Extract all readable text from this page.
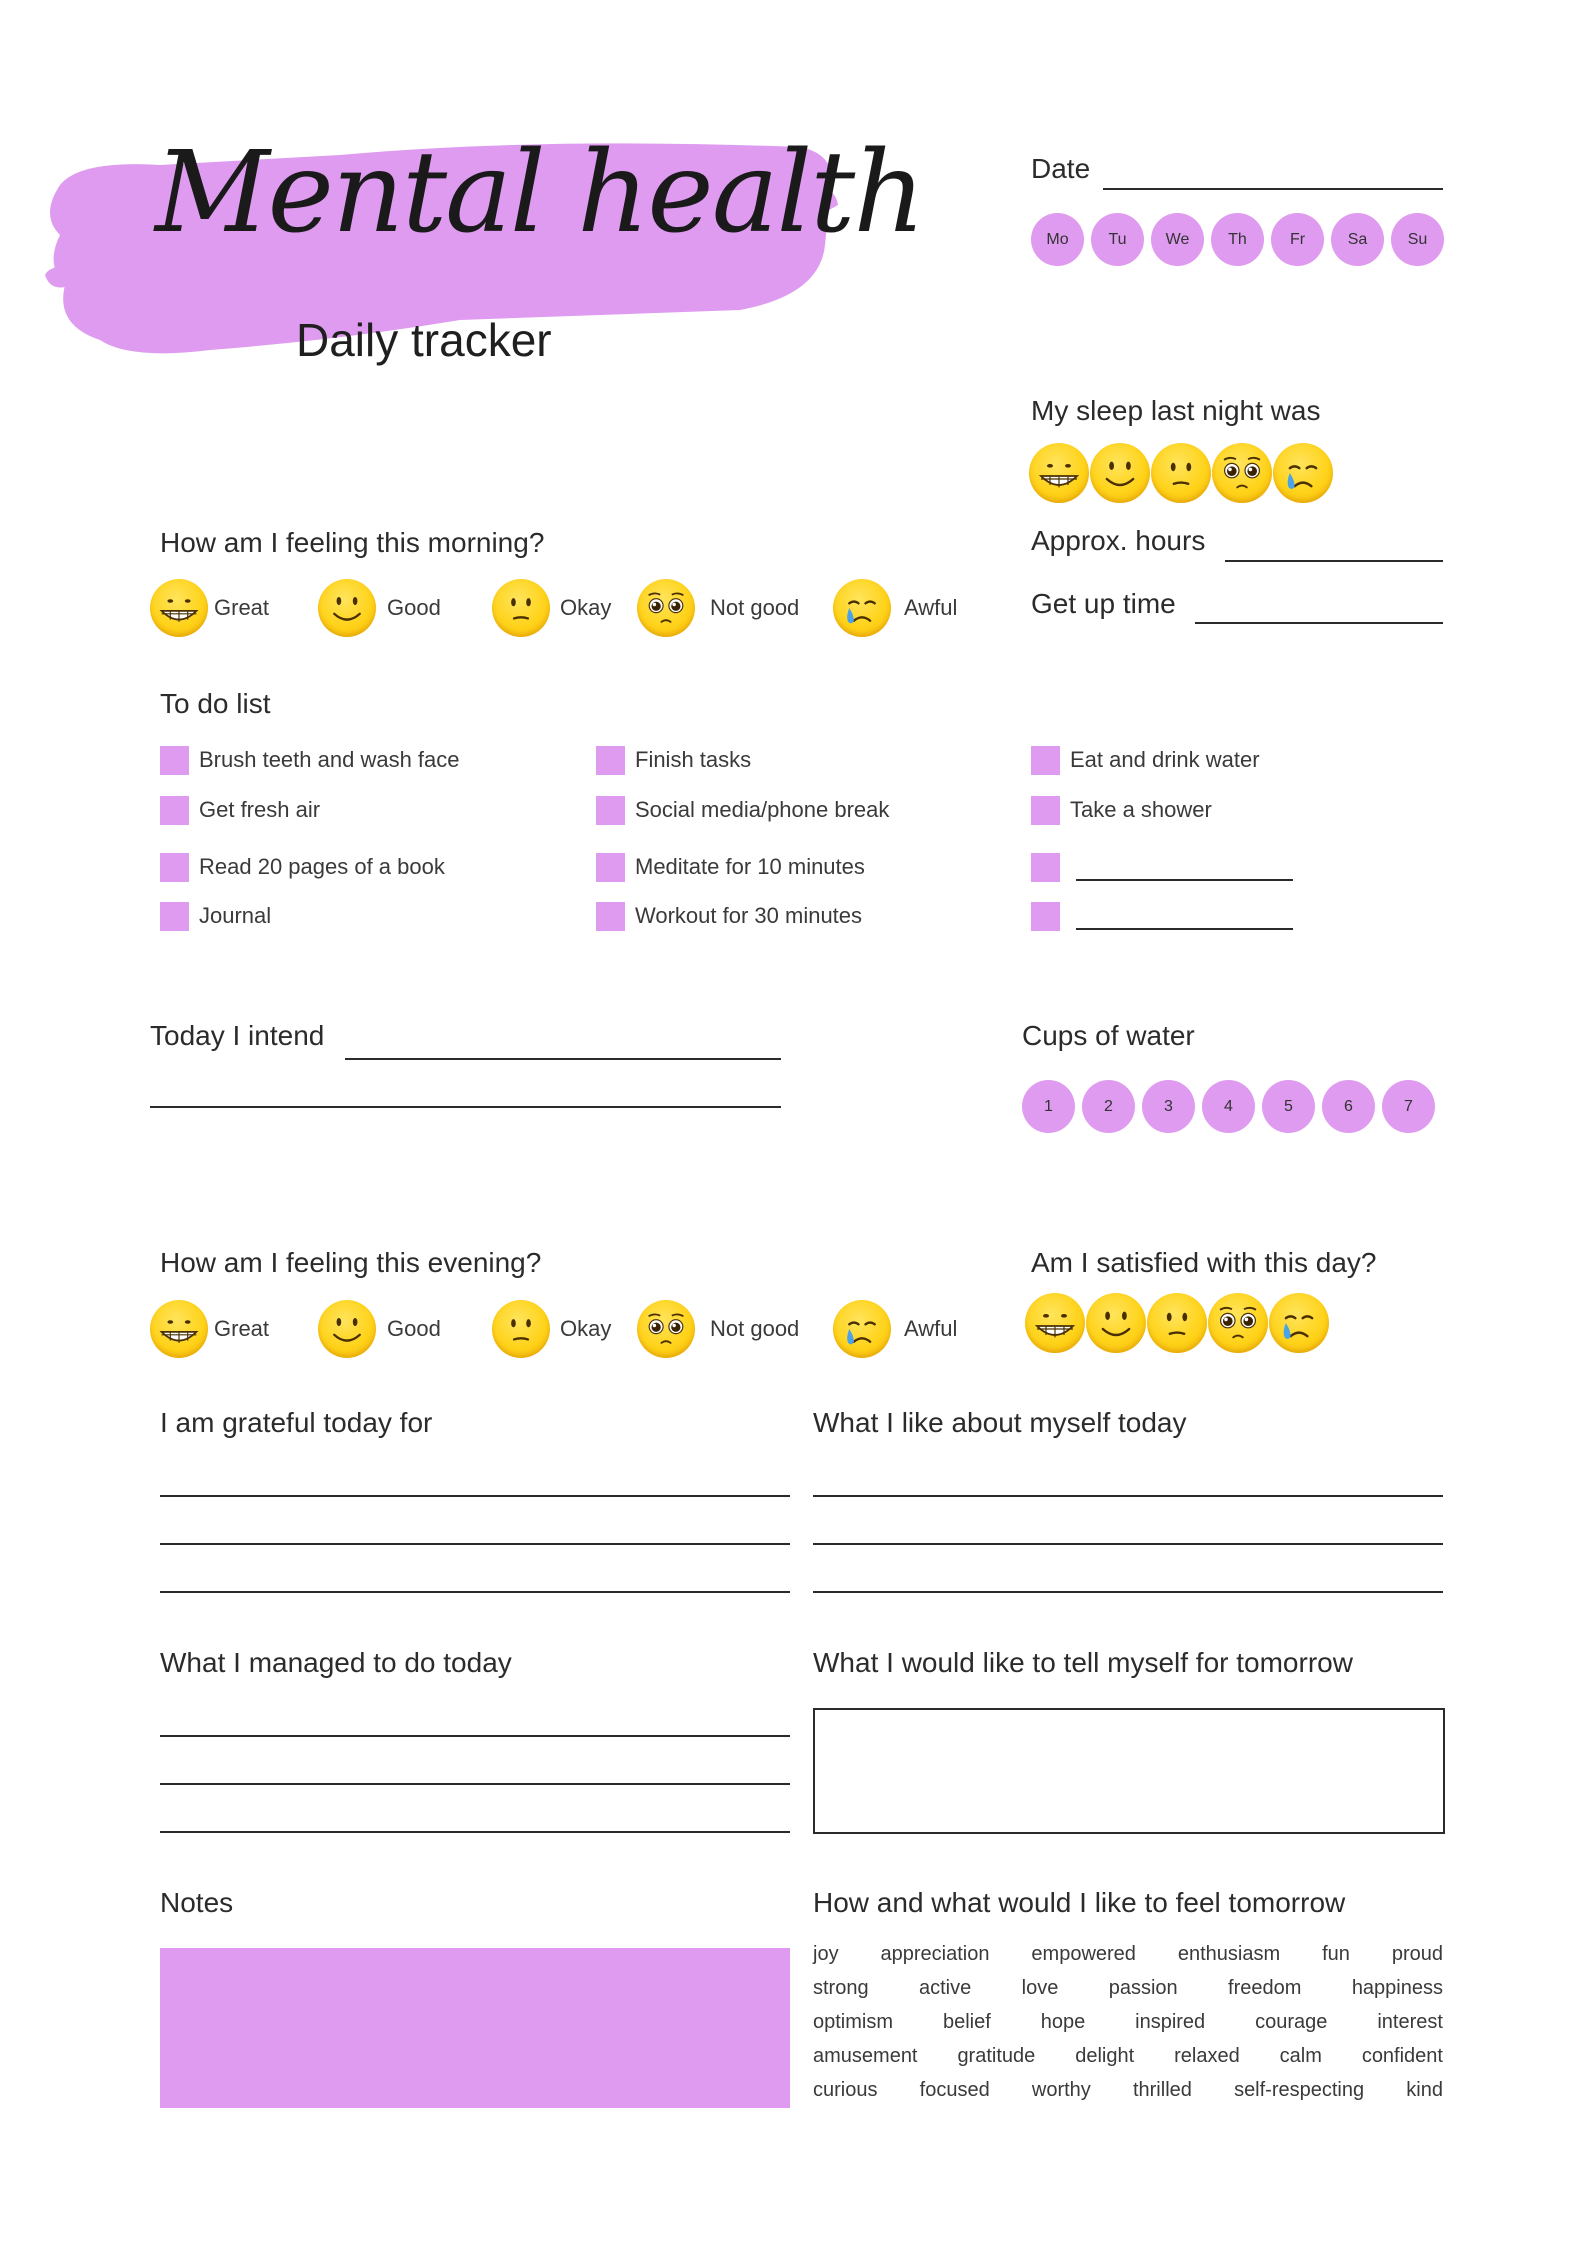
Mental health
Daily tracker
Date
Mo	Tu	We	Th	Fr	Sa	Su
My sleep last night was
Approx. hours
Get up time
How am I feeling this morning?
Great	Good	Okay	Not good	Awful
To do list
Brush teeth and wash face
Get fresh air
Read 20 pages of a book
Journal
Finish tasks
Social media/phone break
Meditate for 10 minutes
Workout for 30 minutes
Eat and drink water
Take a shower
Today I intend	Cups of water
1	2	3	4	5	6	7
How am I feeling this evening?
Great	Good	Okay	Not good	Awful
Am I satisfied with this day?
I am grateful today for	What I like about myself today
What I managed to do today	What I would like to tell myself for tomorrow
Notes	How and what would I like to feel tomorrow
joy appreciation empowered enthusiasm fun proud
strong	active	love	passion	freedom	happiness
optimism belief hope inspired courage interest
amusement gratitude delight relaxed calm confident
curious focused worthy thrilled self-respecting kind
